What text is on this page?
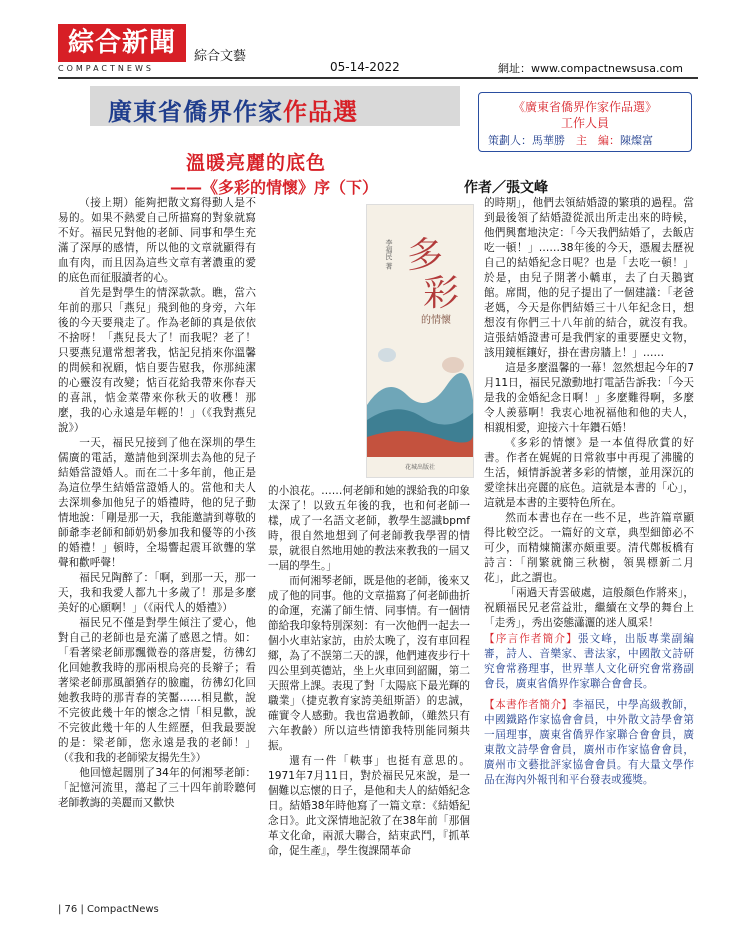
綜合新聞
COMPACTNEWS
綜合文藝
05-14-2022	網址：www.compactnewsusa.com
廣東省僑界作家作品選	《廣東省僑界作家作品選》
工作人員
策劃人：馬華勝　 主　編：陳燦富
溫暖亮麗的底色
——《多彩的情懷》序（下）	作者／張文峰

（接上期）能夠把散文寫得動人是不易的。如果不熱愛自己所描寫的對象就寫不好。福民兄對他的老師、同事和學生充滿了深厚的感情，所以他的文章就顯得有血有肉，而且因為這些文章有著濃重的愛的底色而征服讀者的心。

首先是對學生的情深款款。瞧，當六年前的那只「燕兒」飛到他的身旁，六年後的今天要飛走了。作為老師的真是依依不捨呀！「燕兒長大了！而我呢？老了！只要燕兒還常想著我，惦記兒捎來你溫馨的問候和祝願，惦自要告慰我，你那純潔的心靈沒有改變；惦百花給我帶來你春天的喜訊，惦金菜帶來你秋天的收穫！那麼，我的心永遠是年輕的！」（《我對燕兒說》）

一天，福民兄接到了他在深圳的學生儒廣的電話，邀請他到深圳去為他的兒子結婚當證婚人。而在二十多年前，他正是為這位學生結婚當證婚人的。當他和夫人去深圳參加他兒子的婚禮時，他的兒子動情地說：「剛是那一天，我能邀請到尊敬的師爺李老師和師奶奶參加我和優等的小孩的婚禮！」頓時，全場響起震耳欲聾的掌聲和歡呼聲！

福民兄陶醉了：「啊，到那一天，那一天，我和我愛人都九十多歲了！那是多麼美好的心願啊！」（《兩代人的婚禮》）

福民兄不僅是對學生傾注了愛心，他對自己的老師也是充滿了感恩之情。如：「看著梁老師那飄微卷的落唐髮，彷彿幻化回她教我時的那兩根烏亮的長辮子；看著梁老師那風韻猶存的臉龐，彷彿幻化回她教我時的那青春的笑靨……相見歡，說不完彼此幾十年的懷念之情「相見歡，說不完彼此幾十年的人生經歷，但我最要說的是：梁老師，您永遠是我的老師！」（《我和我的老師梁友揚先生》）

他回憶起闊別了34年的何湘琴老師：「記憶河流里，蕩起了三十四年前聆聽何老師教誨的美麗而又歡快

李福民 著 多
彩
的情懷
花城出版社

的小浪花。……何老師和她的課給我的印象太深了！以致五年後的我，也和何老師一樣，成了一名語文老師，教學生認識bpmf時，很自然地想到了何老師教我學習的情景，就很自然地用她的教法來教我的一屆又一屆的學生。」

而何湘琴老師，既是他的老師，後來又成了他的同事。他的文章描寫了何老師曲折的命運，充滿了師生情、同事情。有一個情節給我印象特別深刻：有一次他們一起去一個小火車站家訪，由於太晚了，沒有車回程鄉，為了不誤第二天的課，他們連夜步行十四公里到英德站，坐上火車回到韶關，第二天照常上課。表現了對「太陽底下最光輝的職業」（捷克教育家誇美紐斯語）的忠誠，確實令人感動。我也當過教師，（雖然只有六年教齡）所以這些情節我特別能同頻共振。

還有一件「軼事」也挺有意思的。1971年7月11日，對於福民兄來說，是一個難以忘懷的日子，是他和夫人的結婚紀念日。結婚38年時他寫了一篇文章：《結婚紀念日》。此文深情地記敘了在38年前「那個革文化命，兩派大聯合，結束武鬥，『抓革命，促生產』，學生復課鬧革命

的時期」，他們去領結婚證的繁瑣的過程。當到最後領了結婚證從派出所走出來的時候，他們興奮地決定：「今天我們結婚了，去飯店吃一頓！」……38年後的今天，憑履去歷祝自己的結婚紀念日呢？也是「去吃一頓！」於是，由兒子開著小轎車，去了白天鵝賓館。席間，他的兒子提出了一個建議：「老爸老媽，今天是你們結婚三十八年紀念日，想想沒有你們三十八年前的結合，就沒有我。這張結婚證書可是我們家的重要歷史文物，該用鏡框鑲好，掛在書房牆上！」……

這是多麼溫馨的一幕！忽然想起今年的7月11日，福民兄激動地打電話告訴我：「今天是我的金婚紀念日啊！」多麼難得啊，多麼令人羨慕啊！我衷心地祝福他和他的夫人，相親相愛，迎接六十年鑽石婚！

《多彩的情懷》是一本值得欣賞的好書。作者在娓娓的日常敘事中再現了沸騰的生活，傾情訴說著多彩的情懷，並用深沉的愛塗抹出亮麗的底色。這就是本書的「心」，這就是本書的主要特色所在。

然而本書也存在一些不足，些許篇章顯得比較空泛。一篇好的文章，典型細節必不可少，而精煉簡潔亦頗重要。清代鄭板橋有詩言：「削繁就簡三秋樹，領異標新二月花」，此之謂也。

「兩過天青雲破處，這般顏色作將來」，祝願福民兄老當益壯，繼續在文學的舞台上「走秀」，秀出姿態瀟灑的迷人風采！

【序言作者簡介】張文峰，出版專業副編審，詩人、音樂家、書法家，中國散文詩研究會常務理事，世界華人文化研究會常務副會長，廣東省僑界作家聯合會會長。

【本書作者簡介】李福民，中學高級教師，中國鐵路作家協會會員，中外散文詩學會第一屆理事，廣東省僑界作家聯合會會員，廣東散文詩學會會員，廣州市作家協會會員，廣州市文藝批評家協會會員。有大量文學作品在海內外報刊和平台發表或獲獎。

| 76 | CompactNews
